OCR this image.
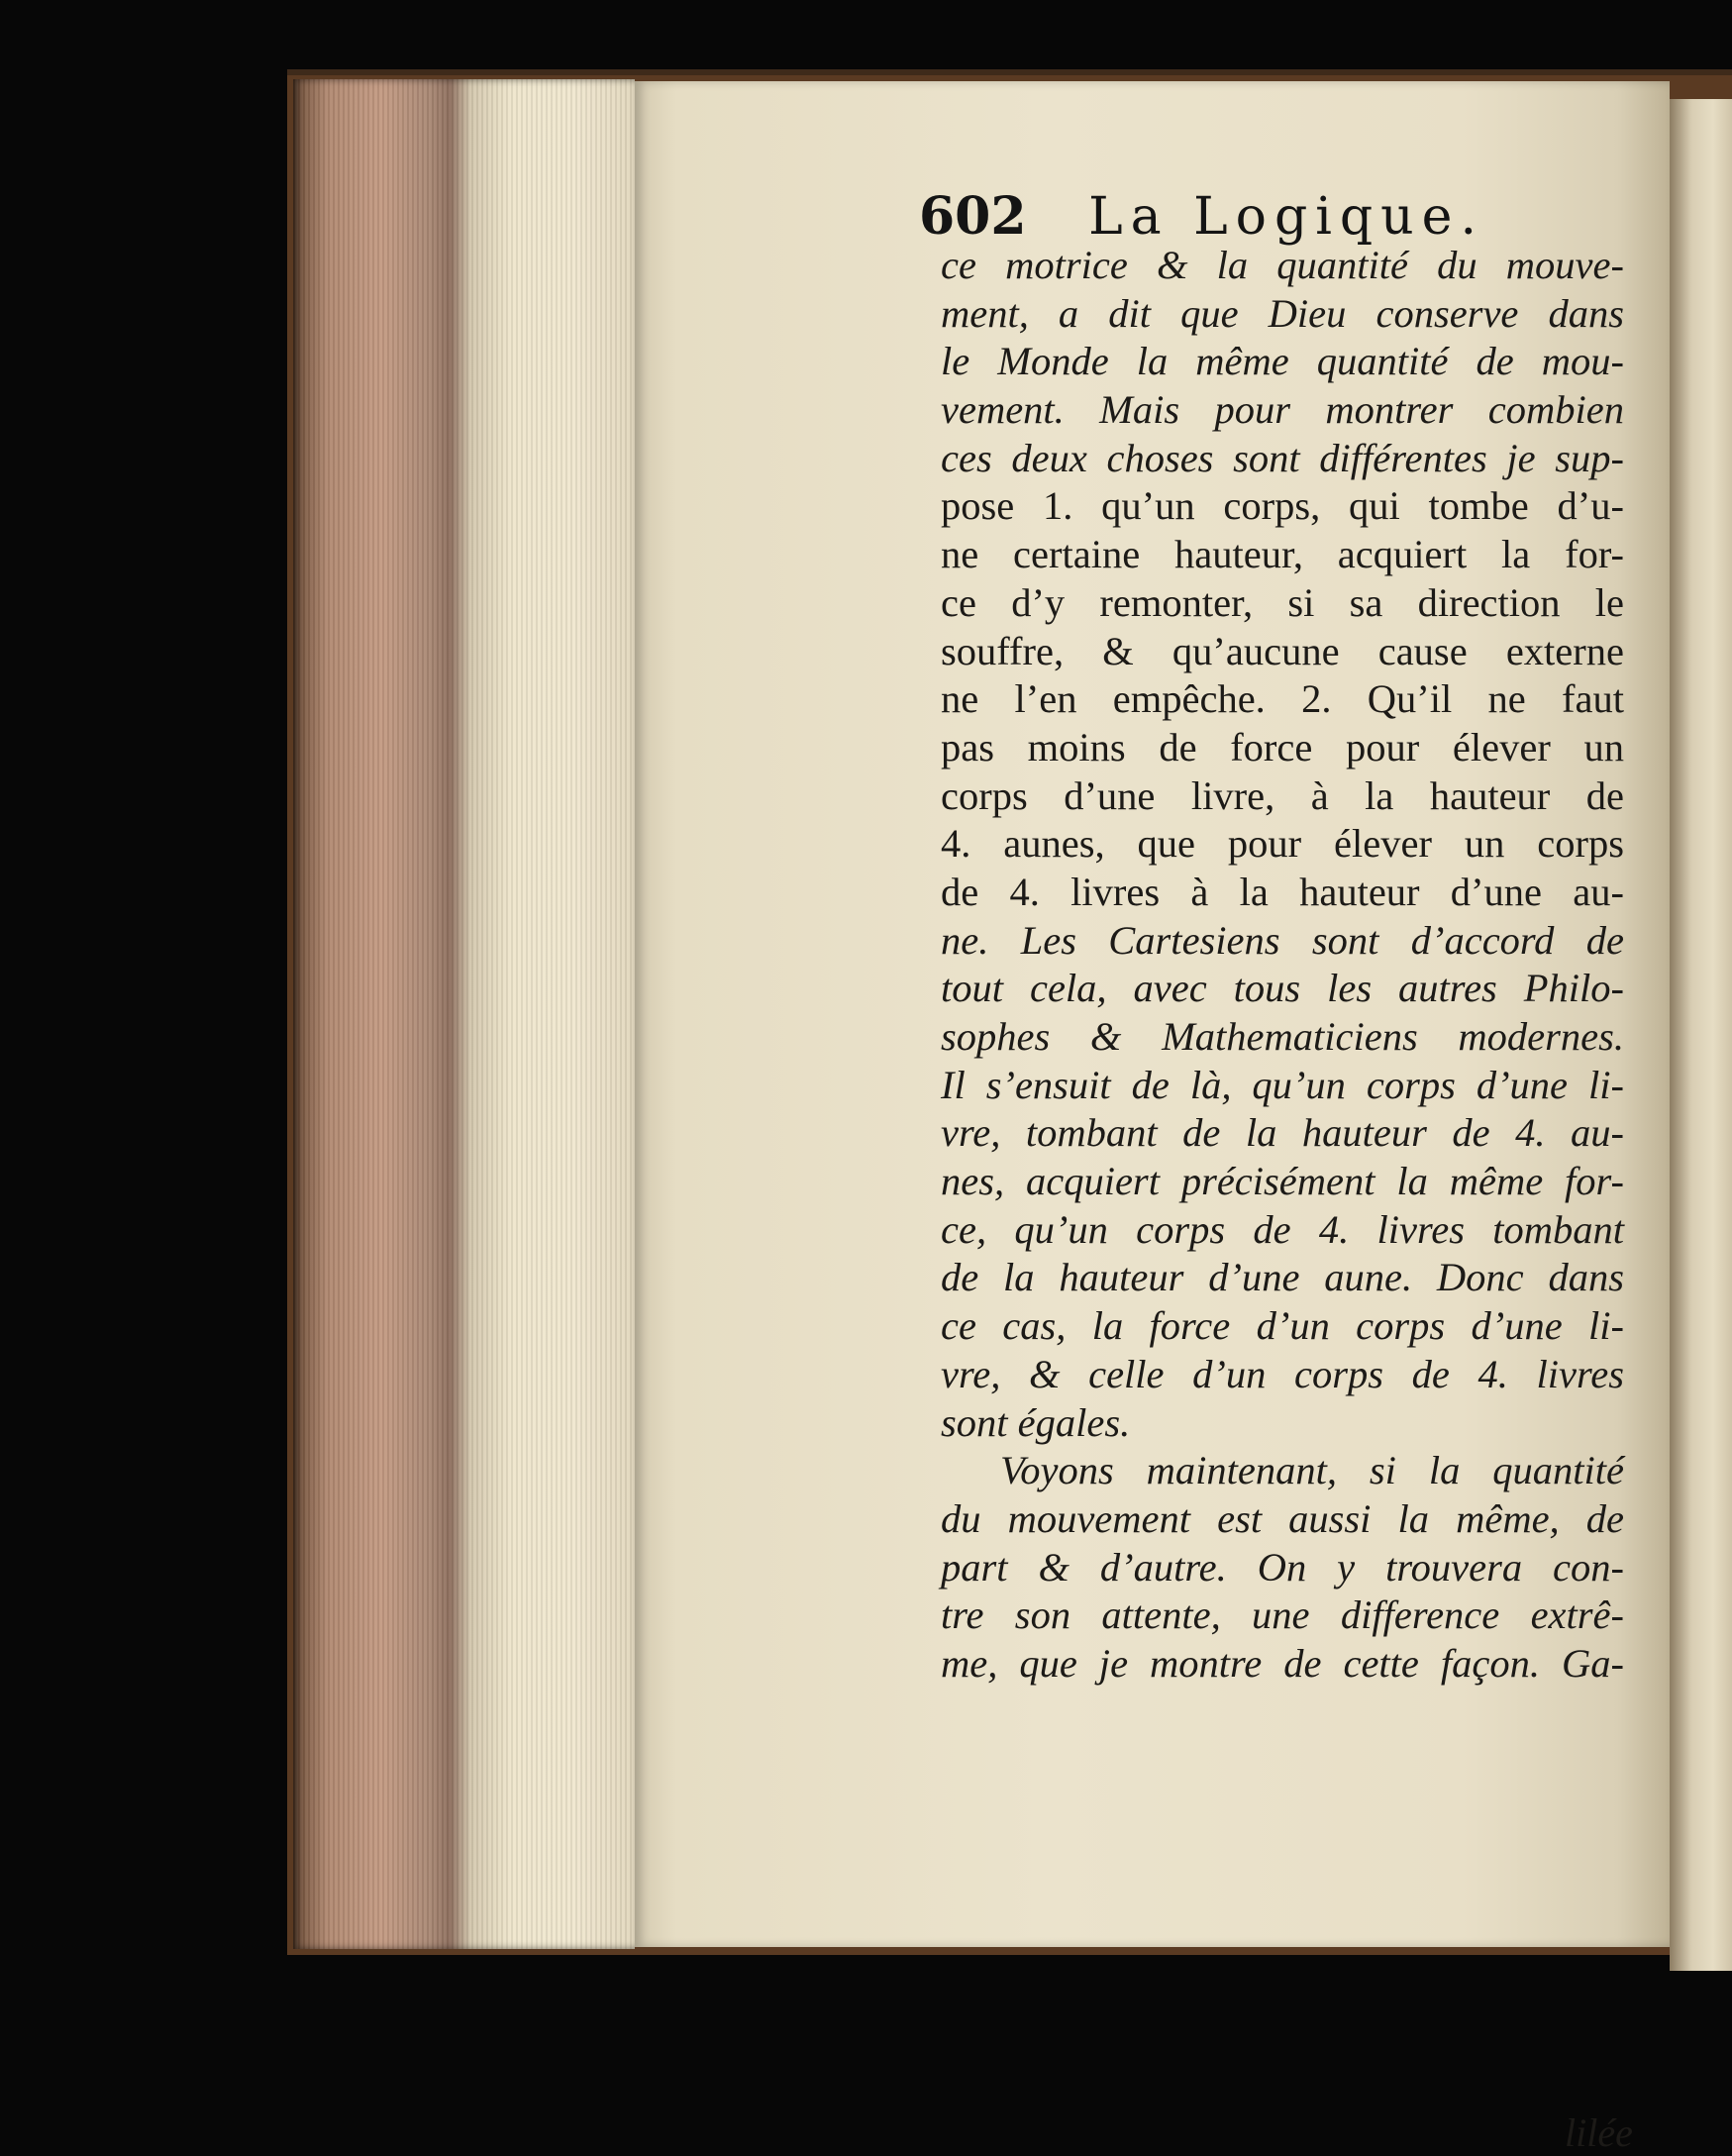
602 La Logique.
ce motrice & la quantité du mouve-
ment, a dit que Dieu conserve dans
le Monde la même quantité de mou-
vement. Mais pour montrer combien
ces deux choses sont différentes je sup-
pose 1. qu’un corps, qui tombe d’u-
ne certaine hauteur, acquiert la for-
ce d’y remonter, si sa direction le
souffre, & qu’aucune cause externe
ne l’en empêche. 2. Qu’il ne faut
pas moins de force pour élever un
corps d’une livre, à la hauteur de
4. aunes, que pour élever un corps
de 4. livres à la hauteur d’une au-
ne. Les Cartesiens sont d’accord de
tout cela, avec tous les autres Philo-
sophes & Mathematiciens modernes.
Il s’ensuit de là, qu’un corps d’une li-
vre, tombant de la hauteur de 4. au-
nes, acquiert précisément la même for-
ce, qu’un corps de 4. livres tombant
de la hauteur d’une aune. Donc dans
ce cas, la force d’un corps d’une li-
vre, & celle d’un corps de 4. livres
sont égales.
Voyons maintenant, si la quantité
du mouvement est aussi la même, de
part & d’autre. On y trouvera con-
tre son attente, une difference extrê-
me, que je montre de cette façon. Ga-
lilée
